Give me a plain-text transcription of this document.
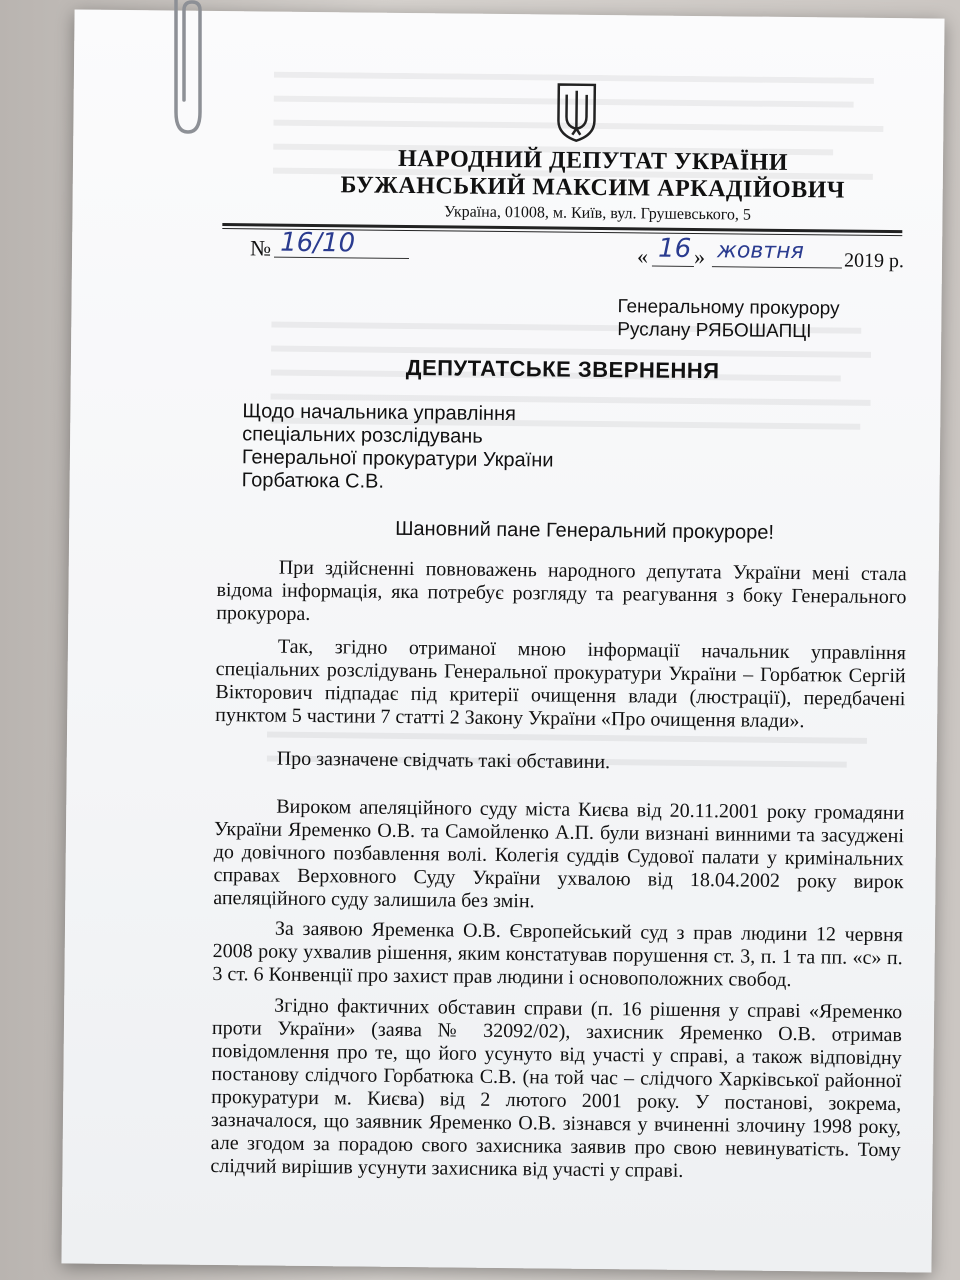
НАРОДНИЙ ДЕПУТАТ УКРАЇНИ
БУЖАНСЬКИЙ МАКСИМ АРКАДІЙОВИЧ
Україна, 01008, м. Київ, вул. Грушевського, 5
№ 16/10	« 16 » жовтня 2019 р.
Генеральному прокурору
Руслану РЯБОШАПЦІ
ДЕПУТАТСЬКЕ ЗВЕРНЕННЯ
Щодо начальника управління
спеціальних розслідувань
Генеральної прокуратури України
Горбатюка С.В.
Шановний пане Генеральний прокуроре!

При здійсненні повноважень народного депутата України мені стала відома інформація, яка потребує розгляду та реагування з боку Генерального прокурора.

Так, згідно отриманої мною інформації начальник управління спеціальних розслідувань Генеральної прокуратури України – Горбатюк Сергій Вікторович підпадає під критерії очищення влади (люстрації), передбачені пунктом 5 частини 7 статті 2 Закону України «Про очищення влади».

Про зазначене свідчать такі обставини.

Вироком апеляційного суду міста Києва від 20.11.2001 року громадяни України Яременко О.В. та Самойленко А.П. були визнані винними та засуджені до довічного позбавлення волі. Колегія суддів Судової палати у кримінальних справах Верховного Суду України ухвалою від 18.04.2002 року вирок апеляційного суду залишила без змін.

За заявою Яременка О.В. Європейський суд з прав людини 12 червня 2008 року ухвалив рішення, яким констатував порушення ст. 3, п. 1 та пп. «с» п. 3 ст. 6 Конвенції про захист прав людини і основоположних свобод.

Згідно фактичних обставин справи (п. 16 рішення у справі «Яременко проти України» (заява № 32092/02), захисник Яременко О.В. отримав повідомлення про те, що його усунуто від участі у справі, а також відповідну постанову слідчого Горбатюка С.В. (на той час – слідчого Харківської районної прокуратури м. Києва) від 2 лютого 2001 року. У постанові, зокрема, зазначалося, що заявник Яременко О.В. зізнався у вчиненні злочину 1998 року, але згодом за порадою свого захисника заявив про свою невинуватість. Тому слідчий вирішив усунути захисника від участі у справі.
